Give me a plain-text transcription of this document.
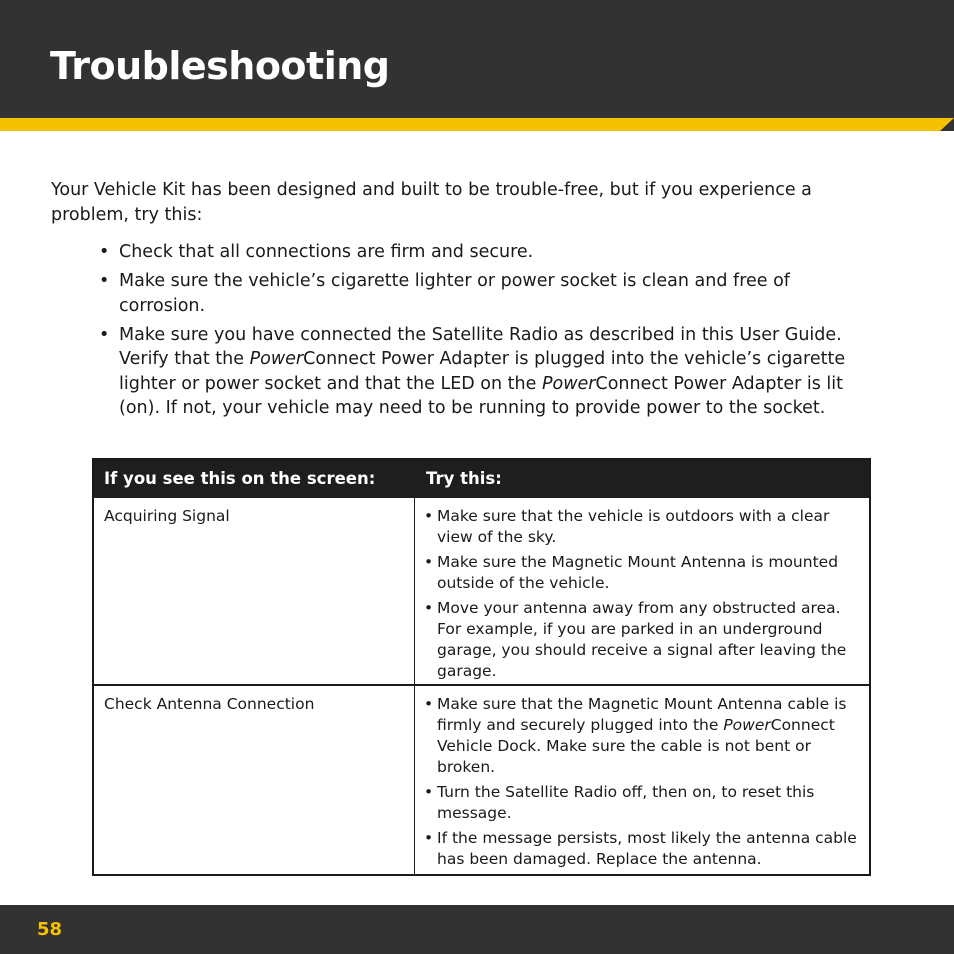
Troubleshooting

Your Vehicle Kit has been designed and built to be trouble-free, but if you experience a problem, try this:

• Check that all connections are firm and secure.
• Make sure the vehicle’s cigarette lighter or power socket is clean and free of corrosion.
• Make sure you have connected the Satellite Radio as described in this User Guide. Verify that the PowerConnect Power Adapter is plugged into the vehicle’s cigarette lighter or power socket and that the LED on the PowerConnect Power Adapter is lit (on). If not, your vehicle may need to be running to provide power to the socket.
If you see this on the screen:	Try this:
Acquiring Signal	• Make sure that the vehicle is outdoors with a clear view of the sky.
• Make sure the Magnetic Mount Antenna is mounted outside of the vehicle.
• Move your antenna away from any obstructed area. For example, if you are parked in an underground garage, you should receive a signal after leaving the garage.
Check Antenna Connection	• Make sure that the Magnetic Mount Antenna cable is firmly and securely plugged into the PowerConnect Vehicle Dock. Make sure the cable is not bent or broken.
• Turn the Satellite Radio off, then on, to reset this message.
• If the message persists, most likely the antenna cable has been damaged. Replace the antenna.
58
